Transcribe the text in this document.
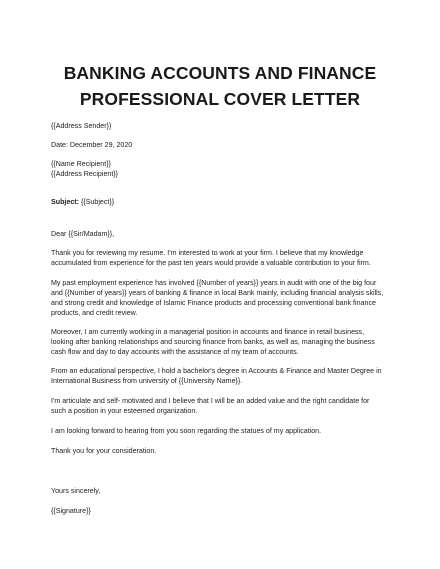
BANKING ACCOUNTS AND FINANCE
PROFESSIONAL COVER LETTER
{{Address Sender}}
Date: December 29, 2020
{{Name Recipient}}
{{Address Recipient}}
Subject: {{Subject}}
Dear {{Sir/Madam}},
Thank you for reviewing my resume. I'm interested to work at your firm. I believe that my knowledge
accumulated from experience for the past ten years would provide a valuable contribution to your firm.
My past employment experience has involved {{Number of years}} years in audit with one of the big four
and {{Number of years}} years of banking & finance in local Bank mainly, including financial analysis skills,
and strong credit and knowledge of Islamic Finance products and processing conventional bank finance
products, and credit review.
Moreover, I am currently working in a managerial position in accounts and finance in retail business,
looking after banking relationships and sourcing finance from banks, as well as, managing the business
cash flow and day to day accounts with the assistance of my team of accounts.
From an educational perspective, I hold a bachelor's degree in Accounts & Finance and Master Degree in
International Business from university of {{University Name}}.
I'm articulate and self- motivated and I believe that I will be an added value and the right candidate for
such a position in your esteemed organization.
I am looking forward to hearing from you soon regarding the statues of my application.
Thank you for your consideration.
Yours sincerely,
{{Signature}}
